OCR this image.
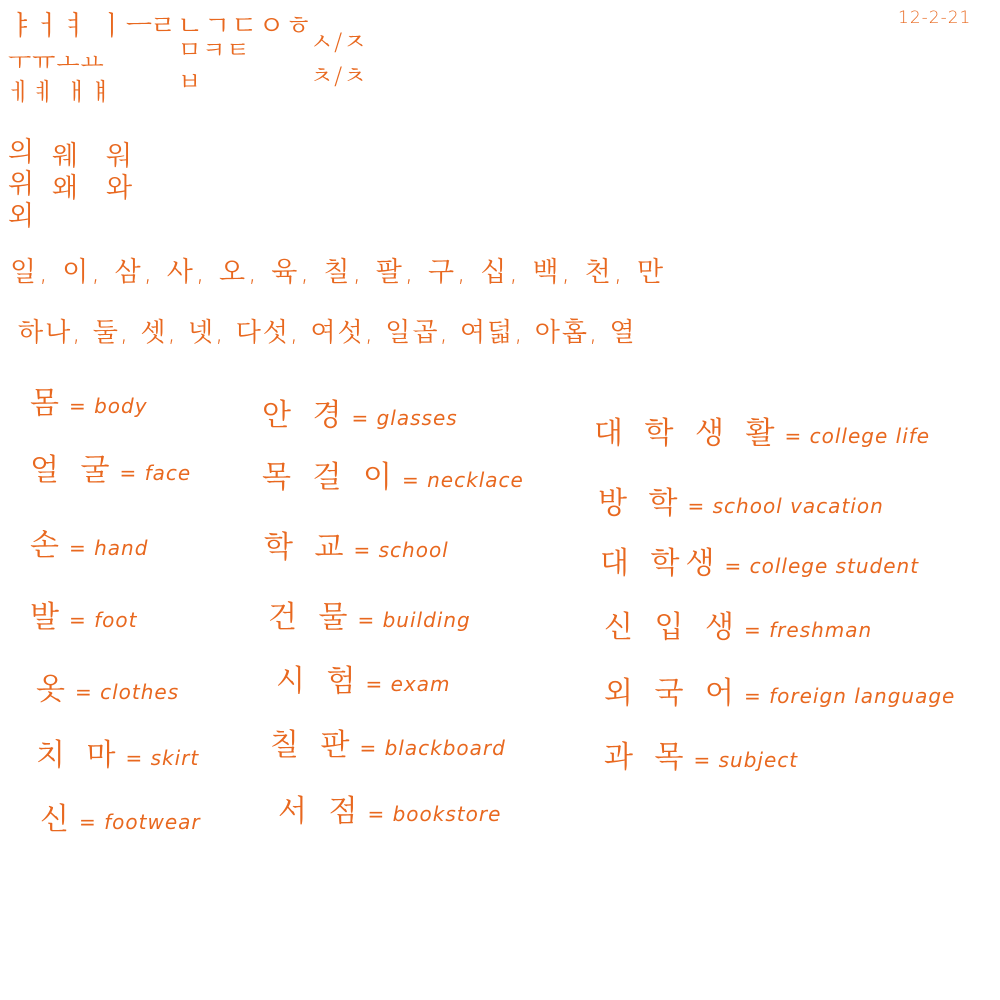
12-2-21
ㅑㅓㅕ ㅣㅡ
ㅜㅠㅗㅛ
ㅔㅖ ㅐㅒ
ㄹㄴㄱㄷㅇㅎ
ㅁㅋㅌ
ㅂ
ㅅ/ㅈ
ㅊ/ㅊ
의
위
외
웨
왜
워
와
일, 이, 삼, 사, 오, 육, 칠, 팔, 구, 십, 백, 천, 만
하나, 둘, 셋, 넷, 다섯, 여섯, 일곱, 여덟, 아홉, 열
몸 = body
얼 굴 = face
손 = hand
발 = foot
옷 = clothes
치 마 = skirt
신 = footwear
안 경 = glasses
목 걸 이 = necklace
학 교 = school
건 물 = building
시 험 = exam
칠 판 = blackboard
서 점 = bookstore
대 학 생 활 = college life
방 학 = school vacation
대 학생 = college student
신 입 생 = freshman
외 국 어 = foreign language
과 목 = subject
